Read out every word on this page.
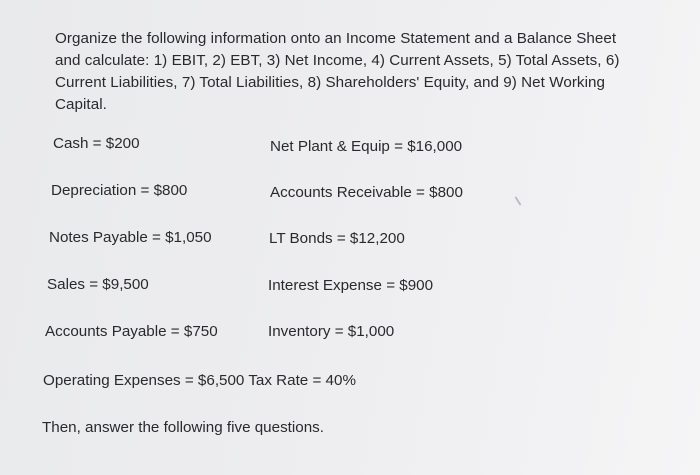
Organize the following information onto an Income Statement and a Balance Sheet
and calculate: 1) EBIT, 2) EBT, 3) Net Income, 4) Current Assets, 5) Total Assets, 6)
Current Liabilities, 7) Total Liabilities, 8) Shareholders' Equity, and 9) Net Working
Capital.
Cash = $200	Net Plant & Equip = $16,000
Depreciation = $800	Accounts Receivable = $800
Notes Payable = $1,050	LT Bonds = $12,200
Sales = $9,500	Interest Expense = $900
Accounts Payable = $750	Inventory = $1,000
Operating Expenses = $6,500 Tax Rate = 40%
Then, answer the following five questions.
